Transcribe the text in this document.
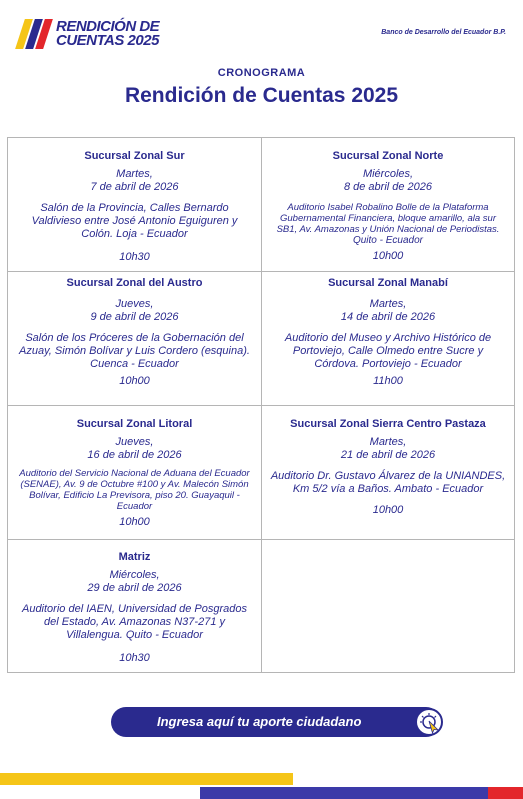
RENDICIÓN DE
CUENTAS 2025	Banco de Desarrollo del Ecuador B.P.
CRONOGRAMA
Rendición de Cuentas 2025
Sucursal Zonal Sur
Martes,
7 de abril de 2026
Salón de la Provincia, Calles Bernardo Valdivieso entre José Antonio Eguiguren y Colón. Loja - Ecuador
10h30
Sucursal Zonal Norte
Miércoles,
8 de abril de 2026
Auditorio Isabel Robalino Bolle de la Plataforma Gubernamental Financiera, bloque amarillo, ala sur SB1, Av. Amazonas y Unión Nacional de Periodistas.
Quito - Ecuador
10h00
Sucursal Zonal del Austro
Jueves,
9 de abril de 2026
Salón de los Próceres de la Gobernación del Azuay, Simón Bolívar y Luis Cordero (esquina).
Cuenca - Ecuador
10h00
Sucursal Zonal Manabí
Martes,
14 de abril de 2026
Auditorio del Museo y Archivo Histórico de Portoviejo, Calle Olmedo entre Sucre y Córdova. Portoviejo - Ecuador
11h00
Sucursal Zonal Litoral
Jueves,
16 de abril de 2026
Auditorio del Servicio Nacional de Aduana del Ecuador (SENAE), Av. 9 de Octubre #100 y Av. Malecón Simón Bolívar, Edificio La Previsora, piso 20. Guayaquil - Ecuador
10h00
Sucursal Zonal Sierra Centro Pastaza
Martes,
21 de abril de 2026
Auditorio Dr. Gustavo Álvarez de la UNIANDES, Km 5/2 vía a Baños. Ambato - Ecuador
10h00
Matriz
Miércoles,
29 de abril de 2026
Auditorio del IAEN, Universidad de Posgrados del Estado, Av. Amazonas N37-271 y Villalengua. Quito - Ecuador
10h30
Ingresa aquí tu aporte ciudadano
